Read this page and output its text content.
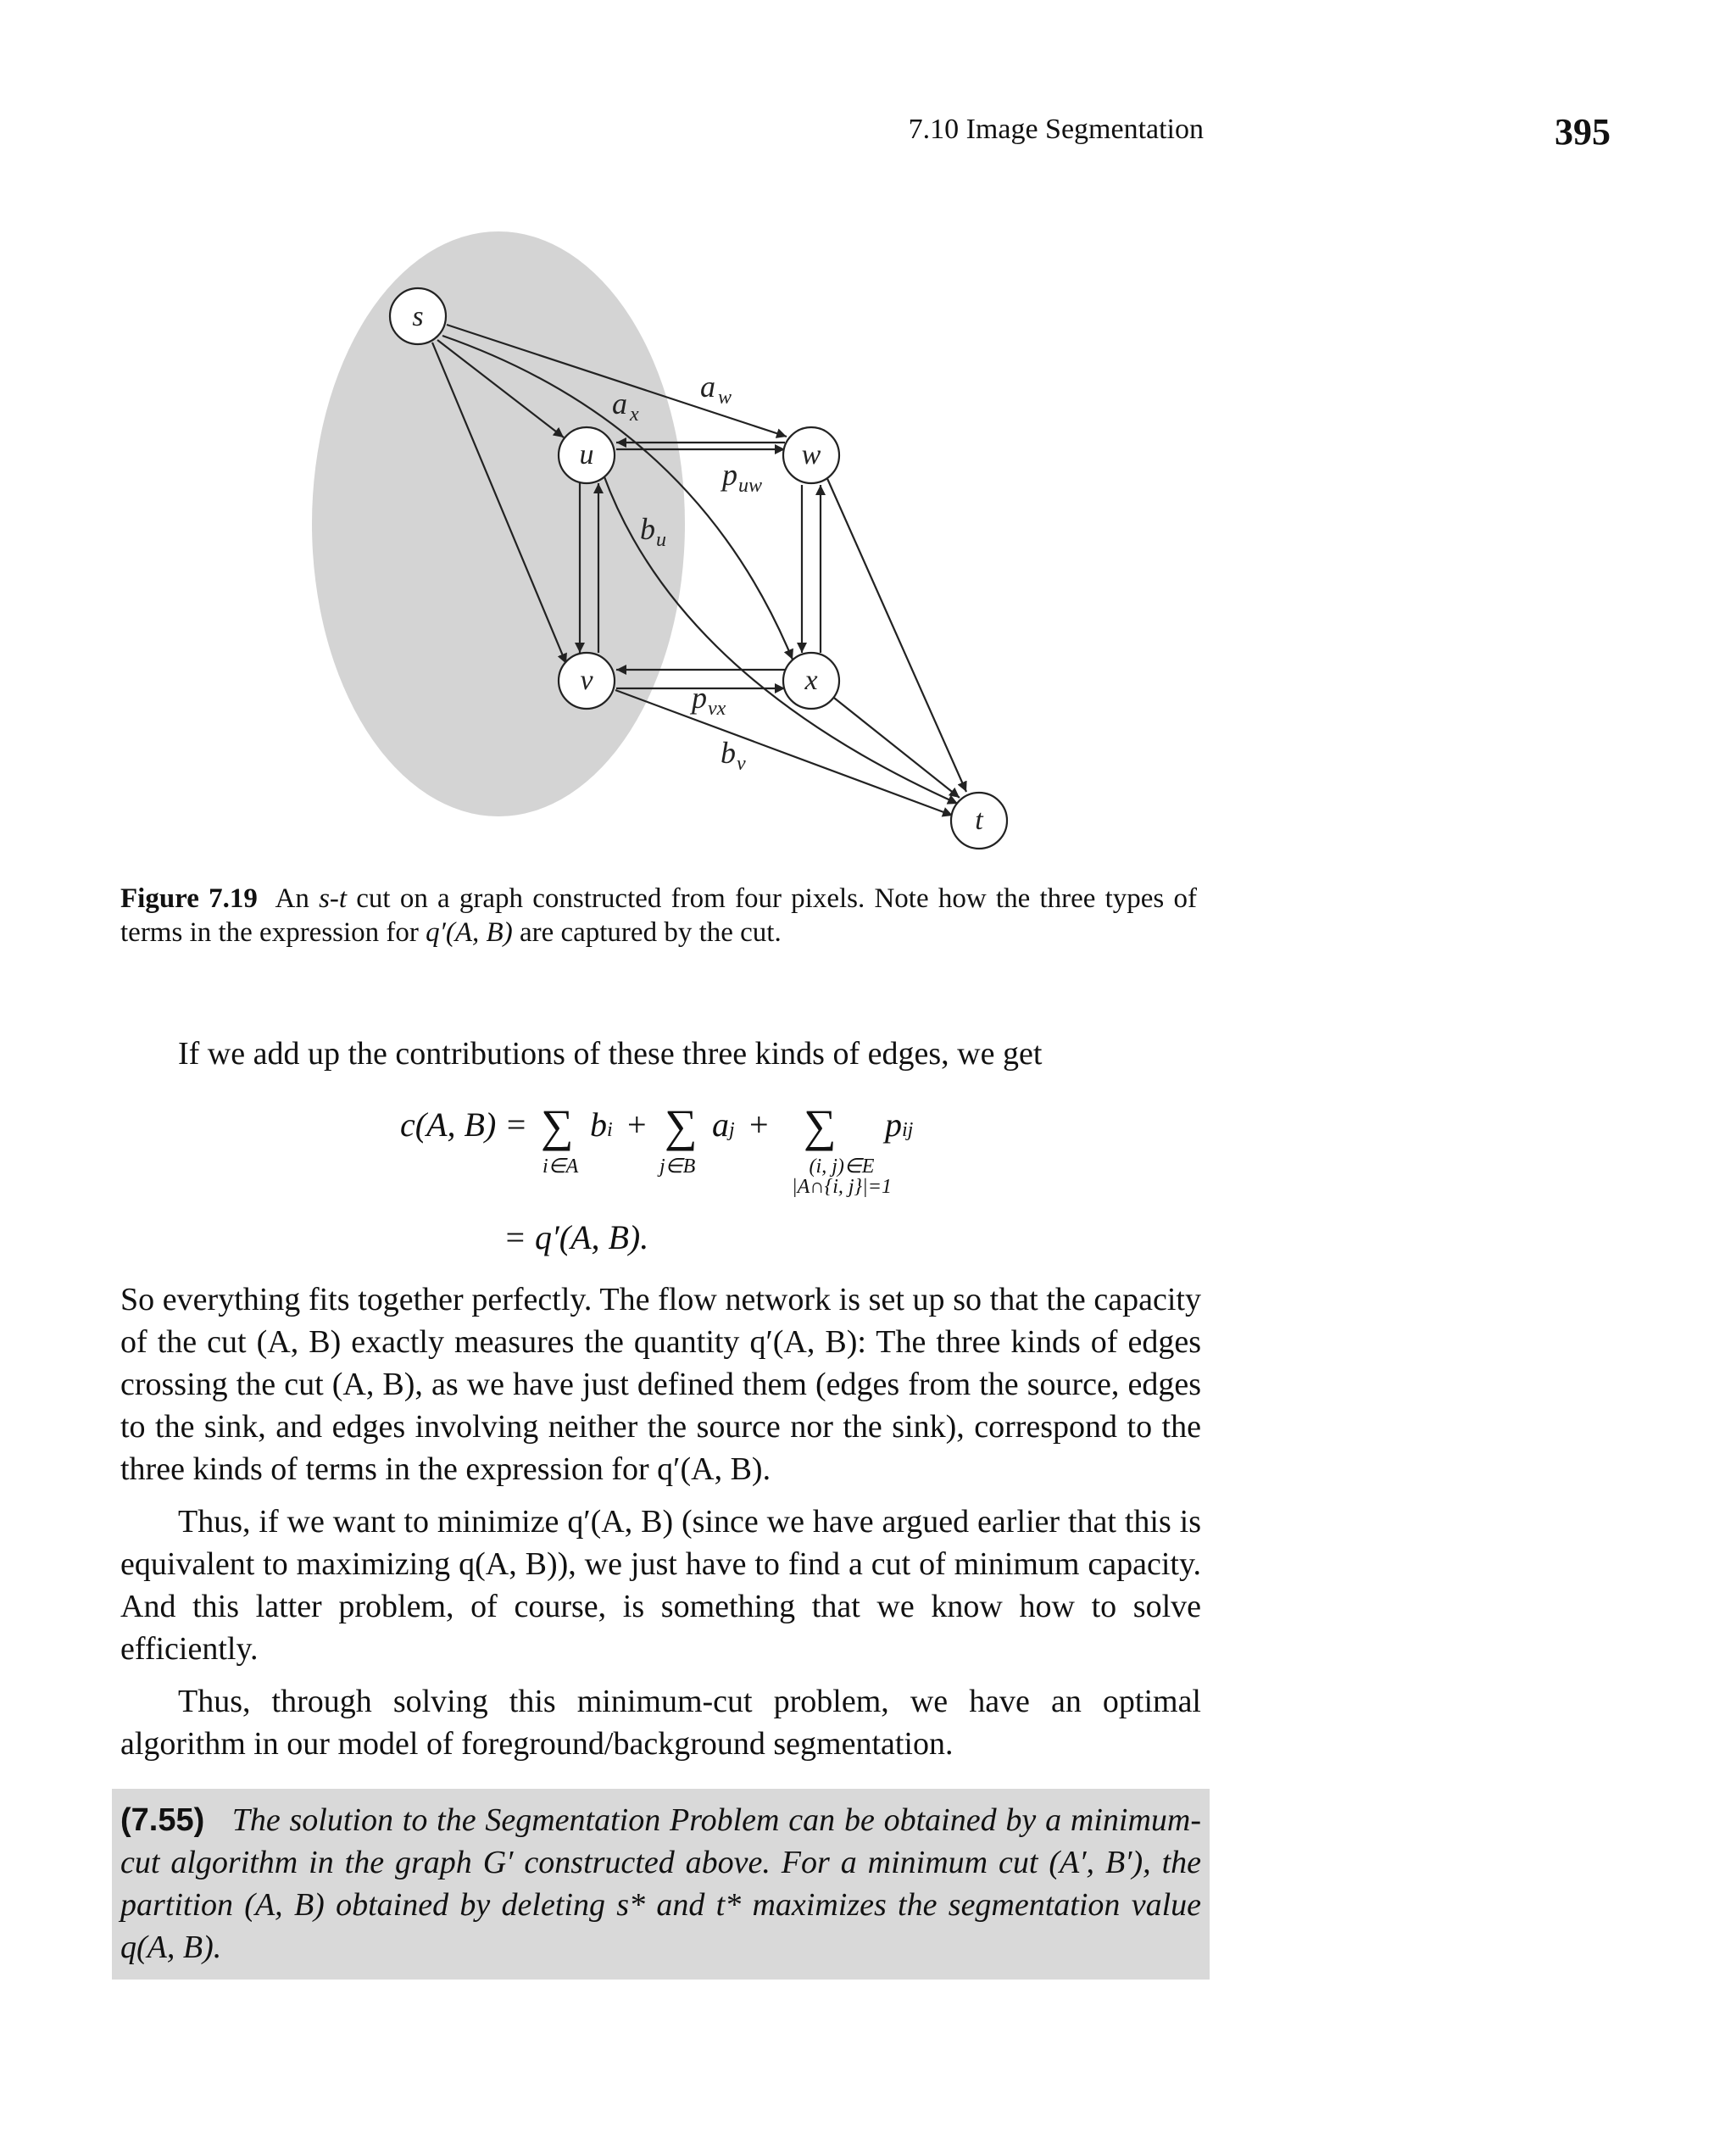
7.10 Image Segmentation	395
s
u	w
v	x
t
a w
a x
p uw
b u
p vx
b v
Figure 7.19 An s-t cut on a graph constructed from four pixels. Note how the three types of terms in the expression for q′(A, B) are captured by the cut.

If we add up the contributions of these three kinds of edges, we get

c(A, B) = ∑ bi
i∈A
+ ∑ aj
j∈B
+ ∑ pij
(i, j)∈E
|A∩{i, j}|=1
= q′(A, B).

So everything fits together perfectly. The flow network is set up so that the capacity of the cut (A, B) exactly measures the quantity q′(A, B): The three kinds of edges crossing the cut (A, B), as we have just defined them (edges from the source, edges to the sink, and edges involving neither the source nor the sink), correspond to the three kinds of terms in the expression for q′(A, B).

Thus, if we want to minimize q′(A, B) (since we have argued earlier that this is equivalent to maximizing q(A, B)), we just have to find a cut of minimum capacity. And this latter problem, of course, is something that we know how to solve efficiently.

Thus, through solving this minimum-cut problem, we have an optimal algorithm in our model of foreground/background segmentation.

(7.55) The solution to the Segmentation Problem can be obtained by a minimum-cut algorithm in the graph G′ constructed above. For a minimum cut (A′, B′), the partition (A, B) obtained by deleting s* and t* maximizes the segmentation value q(A, B).
